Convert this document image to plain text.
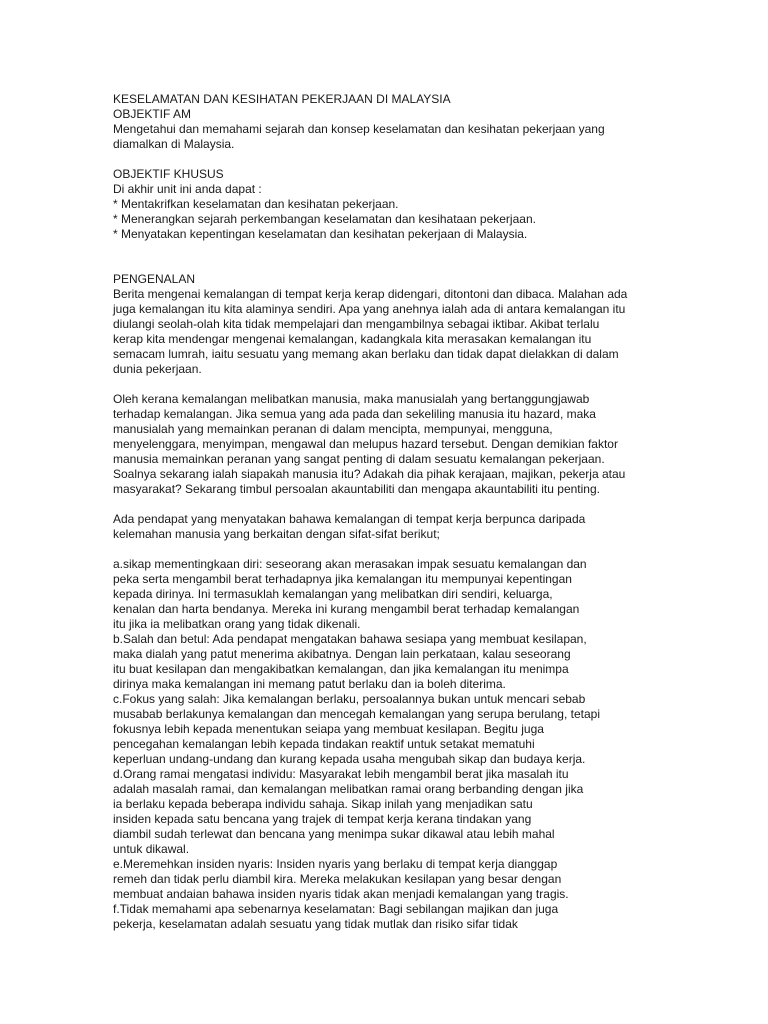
KESELAMATAN DAN KESIHATAN PEKERJAAN DI MALAYSIA
OBJEKTIF AM
Mengetahui dan memahami sejarah dan konsep keselamatan dan kesihatan pekerjaan yang
diamalkan di Malaysia.
OBJEKTIF KHUSUS
Di akhir unit ini anda dapat :
* Mentakrifkan keselamatan dan kesihatan pekerjaan.
* Menerangkan sejarah perkembangan keselamatan dan kesihataan pekerjaan.
* Menyatakan kepentingan keselamatan dan kesihatan pekerjaan di Malaysia.
PENGENALAN
Berita mengenai kemalangan di tempat kerja kerap didengari, ditontoni dan dibaca. Malahan ada
juga kemalangan itu kita alaminya sendiri. Apa yang anehnya ialah ada di antara kemalangan itu
diulangi seolah-olah kita tidak mempelajari dan mengambilnya sebagai iktibar. Akibat terlalu
kerap kita mendengar mengenai kemalangan, kadangkala kita merasakan kemalangan itu
semacam lumrah, iaitu sesuatu yang memang akan berlaku dan tidak dapat dielakkan di dalam
dunia pekerjaan.
Oleh kerana kemalangan melibatkan manusia, maka manusialah yang bertanggungjawab
terhadap kemalangan. Jika semua yang ada pada dan sekeliling manusia itu hazard, maka
manusialah yang memainkan peranan di dalam mencipta, mempunyai, mengguna,
menyelenggara, menyimpan, mengawal dan melupus hazard tersebut. Dengan demikian faktor
manusia memainkan peranan yang sangat penting di dalam sesuatu kemalangan pekerjaan.
Soalnya sekarang ialah siapakah manusia itu? Adakah dia pihak kerajaan, majikan, pekerja atau
masyarakat? Sekarang timbul persoalan akauntabiliti dan mengapa akauntabiliti itu penting.
Ada pendapat yang menyatakan bahawa kemalangan di tempat kerja berpunca daripada
kelemahan manusia yang berkaitan dengan sifat-sifat berikut;
a.sikap mementingkaan diri: seseorang akan merasakan impak sesuatu kemalangan dan
peka serta mengambil berat terhadapnya jika kemalangan itu mempunyai kepentingan
kepada dirinya. Ini termasuklah kemalangan yang melibatkan diri sendiri, keluarga,
kenalan dan harta bendanya. Mereka ini kurang mengambil berat terhadap kemalangan
itu jika ia melibatkan orang yang tidak dikenali.
b.Salah dan betul: Ada pendapat mengatakan bahawa sesiapa yang membuat kesilapan,
maka dialah yang patut menerima akibatnya. Dengan lain perkataan, kalau seseorang
itu buat kesilapan dan mengakibatkan kemalangan, dan jika kemalangan itu menimpa
dirinya maka kemalangan ini memang patut berlaku dan ia boleh diterima.
c.Fokus yang salah: Jika kemalangan berlaku, persoalannya bukan untuk mencari sebab
musabab berlakunya kemalangan dan mencegah kemalangan yang serupa berulang, tetapi
fokusnya lebih kepada menentukan seiapa yang membuat kesilapan. Begitu juga
pencegahan kemalangan lebih kepada tindakan reaktif untuk setakat mematuhi
keperluan undang-undang dan kurang kepada usaha mengubah sikap dan budaya kerja.
d.Orang ramai mengatasi individu: Masyarakat lebih mengambil berat jika masalah itu
adalah masalah ramai, dan kemalangan melibatkan ramai orang berbanding dengan jika
ia berlaku kepada beberapa individu sahaja. Sikap inilah yang menjadikan satu
insiden kepada satu bencana yang trajek di tempat kerja kerana tindakan yang
diambil sudah terlewat dan bencana yang menimpa sukar dikawal atau lebih mahal
untuk dikawal.
e.Meremehkan insiden nyaris: Insiden nyaris yang berlaku di tempat kerja dianggap
remeh dan tidak perlu diambil kira. Mereka melakukan kesilapan yang besar dengan
membuat andaian bahawa insiden nyaris tidak akan menjadi kemalangan yang tragis.
f.Tidak memahami apa sebenarnya keselamatan: Bagi sebilangan majikan dan juga
pekerja, keselamatan adalah sesuatu yang tidak mutlak dan risiko sifar tidak
